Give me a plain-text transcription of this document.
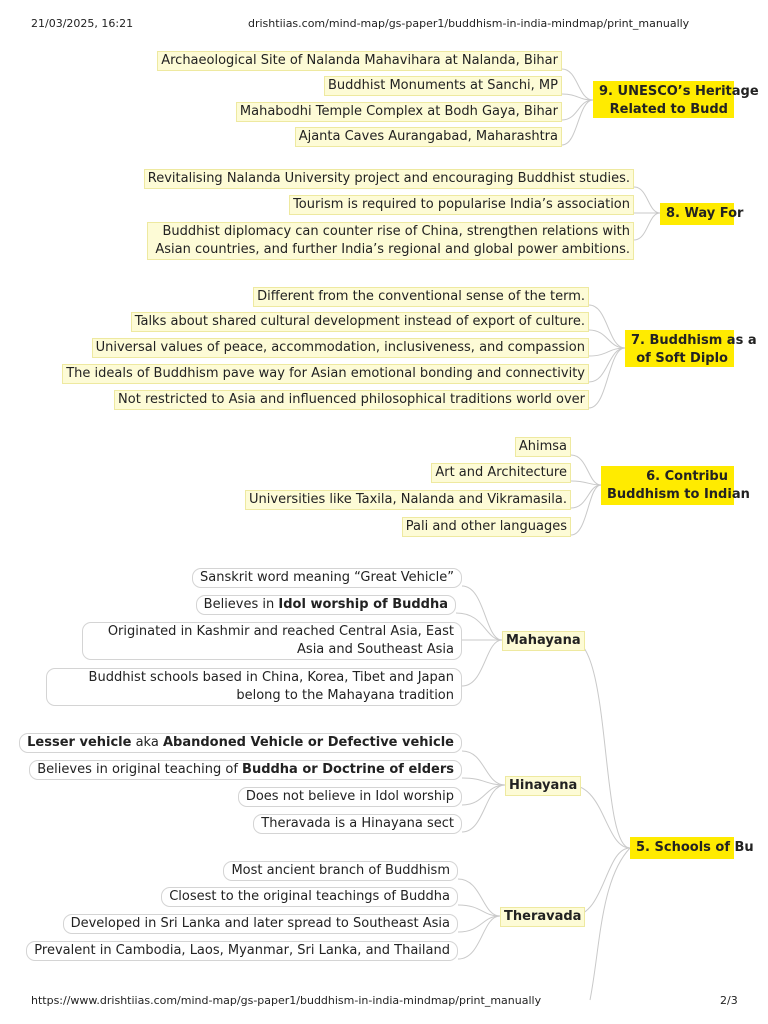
21/03/2025, 16:21	drishtiias.com/mind-map/gs-paper1/buddhism-in-india-mindmap/print_manually
https://www.drishtiias.com/mind-map/gs-paper1/buddhism-in-india-mindmap/print_manually	2/3
Archaeological Site of Nalanda Mahavihara at Nalanda, Bihar
Buddhist Monuments at Sanchi, MP
Mahabodhi Temple Complex at Bodh Gaya, Bihar
Ajanta Caves Aurangabad, Maharashtra
9. UNESCO’s Heritage
Related to Budd
Revitalising Nalanda University project and encouraging Buddhist studies.
Tourism is required to popularise India’s association
Buddhist diplomacy can counter rise of China, strengthen relations with Asian countries, and further India’s regional and global power ambitions.
8. Way For
Different from the conventional sense of the term.
Talks about shared cultural development instead of export of culture.
Universal values of peace, accommodation, inclusiveness, and compassion
The ideals of Buddhism pave way for Asian emotional bonding and connectivity
Not restricted to Asia and influenced philosophical traditions world over
7. Buddhism as a
of Soft Diplo
Ahimsa
Art and Architecture
Universities like Taxila, Nalanda and Vikramasila.
Pali and other languages
6. Contribu
Buddhism to Indian
Sanskrit word meaning “Great Vehicle”
Believes in Idol worship of Buddha
Originated in Kashmir and reached Central Asia, East Asia and Southeast Asia
Buddhist schools based in China, Korea, Tibet and Japan belong to the Mahayana tradition
Mahayana
Lesser vehicle aka Abandoned Vehicle or Defective vehicle
Believes in original teaching of Buddha or Doctrine of elders
Does not believe in Idol worship
Theravada is a Hinayana sect
Hinayana
Most ancient branch of Buddhism
Closest to the original teachings of Buddha
Developed in Sri Lanka and later spread to Southeast Asia
Prevalent in Cambodia, Laos, Myanmar, Sri Lanka, and Thailand
Theravada
5. Schools of Bu
